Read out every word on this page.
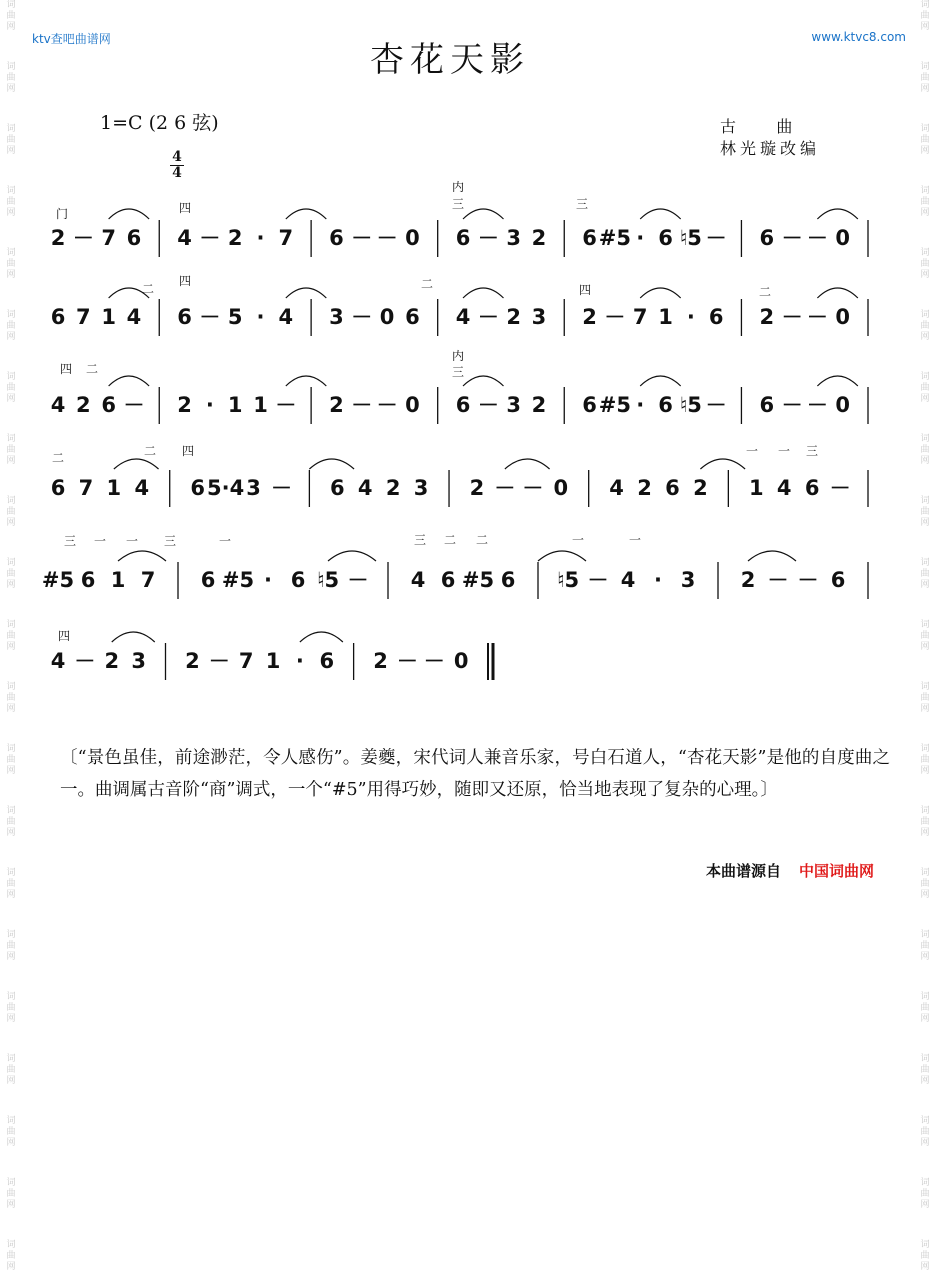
词
曲
网
词
曲
网
词
曲
网
词
曲
网
词
曲
网
词
曲
网
词
曲
网
词
曲
网
词
曲
网
词
曲
网
词
曲
网
词
曲
网
词
曲
网
词
曲
网
词
曲
网
词
曲
网
词
曲
网
词
曲
网
词
曲
网
词
曲
网
词
曲
网
词
曲
网
词
曲
网
词
曲
网
词
曲
网
词
曲
网
词
曲
网
词
曲
网
词
曲
网
词
曲
网
词
曲
网
词
曲
网
词
曲
网
词
曲
网
词
曲
网
词
曲
网
词
曲
网
词
曲
网
词
曲
网
词
曲
网
词
曲
网
词
曲
网
ktv查吧曲谱网	www.ktvc8.com
杏花天影
1=C (2 6 弦)
4
4
古    曲
林光璇改编
2 － 7 6 4 － 2 · 7 6 － － 0 6 － 3 2 6 #5 · 6 ♮5 － 6 － － 0
6 7 1 4 6 － 5 · 4 3 － 0 6 4 － 2 3 2 － 7 1 · 6 2 － － 0
4 2 6 － 2 · 1 1 － 2 － － 0 6 － 3 2 6 #5 · 6 ♮5 － 6 － － 0
6 7 1 4 6 5·4 3 － 6 4 2 3 2 － － 0 4 2 6 2 1 4 6 －
#5 6 1 7 6 #5 · 6 ♮5 － 4 6 #5 6 ♮5 － 4 · 3 2 － － 6
4 － 2 3 2 － 7 1 · 6 2 － － 0
门	四
内
三	三
二
四	二	四	二
四 二
内
三
二	四	一 一 三
二
三 一 一 三	一	三 二 二	一	一
四
〔“景色虽佳，前途渺茫，令人感伤”。姜夔，宋代词人兼音乐家，号白石道人，“杏花天影”是他的自度曲之一。曲调属古音阶“商”调式，一个“#5”用得巧妙，随即又还原，恰当地表现了复杂的心理。〕
本曲谱源自 中国词曲网
